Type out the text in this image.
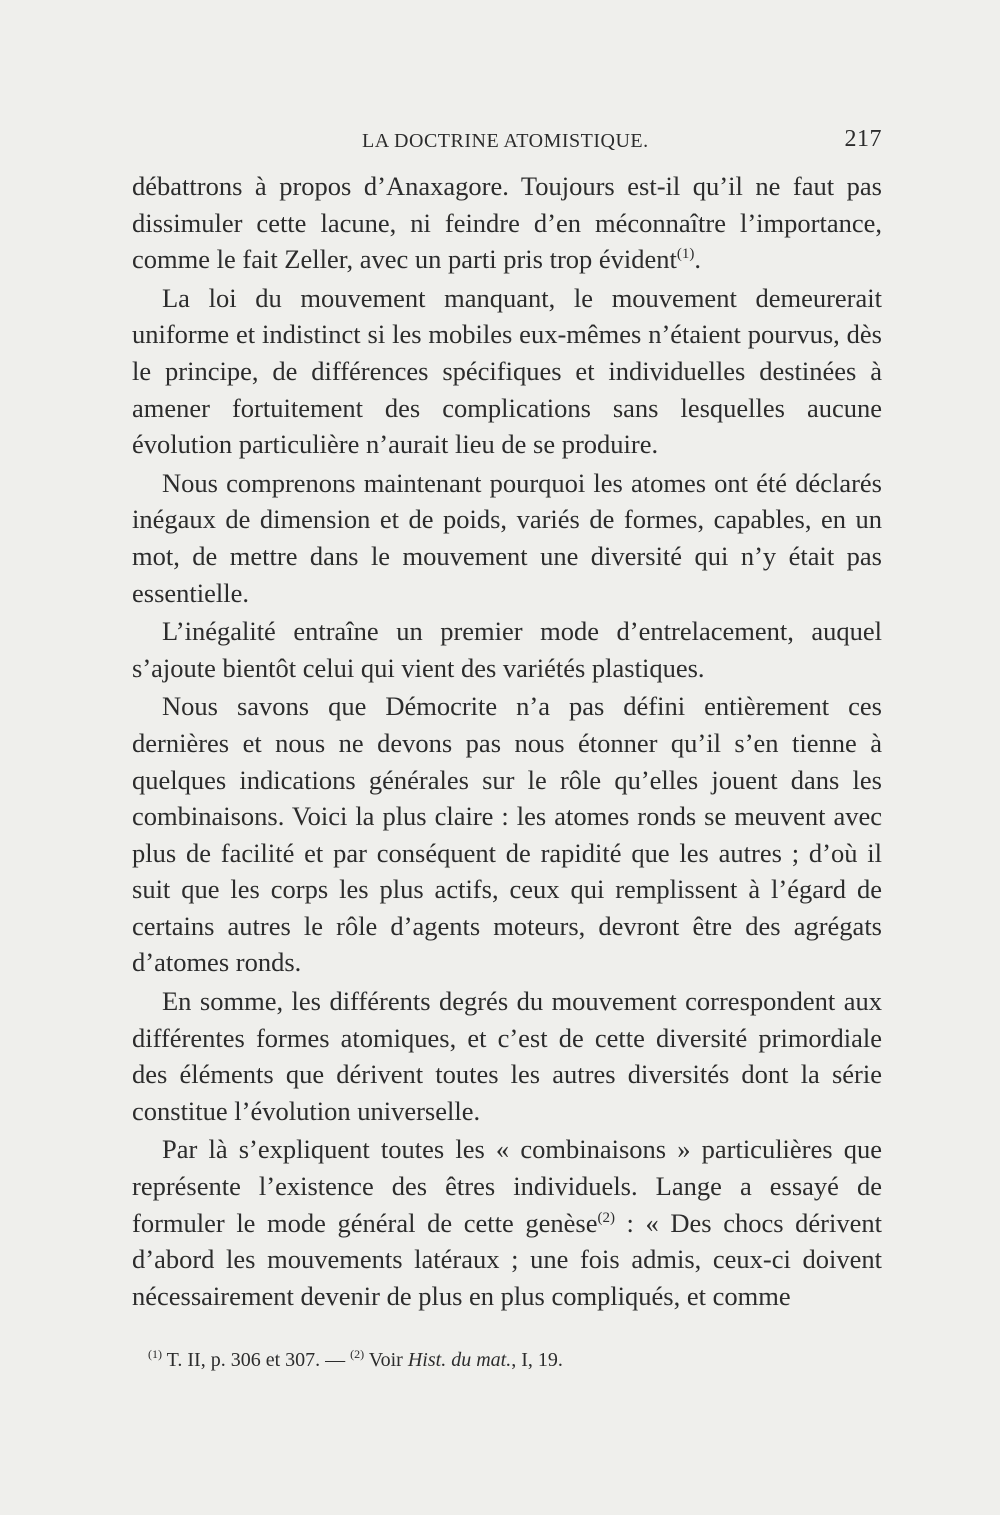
LA DOCTRINE ATOMISTIQUE.	217

débattrons à propos d’Anaxagore. Toujours est-il qu’il ne faut pas dissimuler cette lacune, ni feindre d’en méconnaître l’importance, comme le fait Zeller, avec un parti pris trop évident$^{(1)}$.

La loi du mouvement manquant, le mouvement demeurerait uniforme et indistinct si les mobiles eux-mêmes n’étaient pourvus, dès le principe, de différences spécifiques et individuelles destinées à amener fortuitement des complications sans lesquelles aucune évolution particulière n’aurait lieu de se produire.

Nous comprenons maintenant pourquoi les atomes ont été déclarés inégaux de dimension et de poids, variés de formes, capables, en un mot, de mettre dans le mouvement une diversité qui n’y était pas essentielle.

L’inégalité entraîne un premier mode d’entrelacement, auquel s’ajoute bientôt celui qui vient des variétés plastiques.

Nous savons que Démocrite n’a pas défini entièrement ces dernières et nous ne devons pas nous étonner qu’il s’en tienne à quelques indications générales sur le rôle qu’elles jouent dans les combinaisons. Voici la plus claire : les atomes ronds se meuvent avec plus de facilité et par conséquent de rapidité que les autres ; d’où il suit que les corps les plus actifs, ceux qui remplissent à l’égard de certains autres le rôle d’agents moteurs, devront être des agrégats d’atomes ronds.

En somme, les différents degrés du mouvement correspondent aux différentes formes atomiques, et c’est de cette diversité primordiale des éléments que dérivent toutes les autres diversités dont la série constitue l’évolution universelle.

Par là s’expliquent toutes les « combinaisons » particulières que représente l’existence des êtres individuels. Lange a essayé de formuler le mode général de cette genèse$^{(2)}$ : « Des chocs dérivent d’abord les mouvements latéraux ; une fois admis, ceux-ci doivent nécessairement devenir de plus en plus compliqués, et comme

$^{(1)}$ T. II, p. 306 et 307. — $^{(2)}$ Voir Hist. du mat., I, 19.
